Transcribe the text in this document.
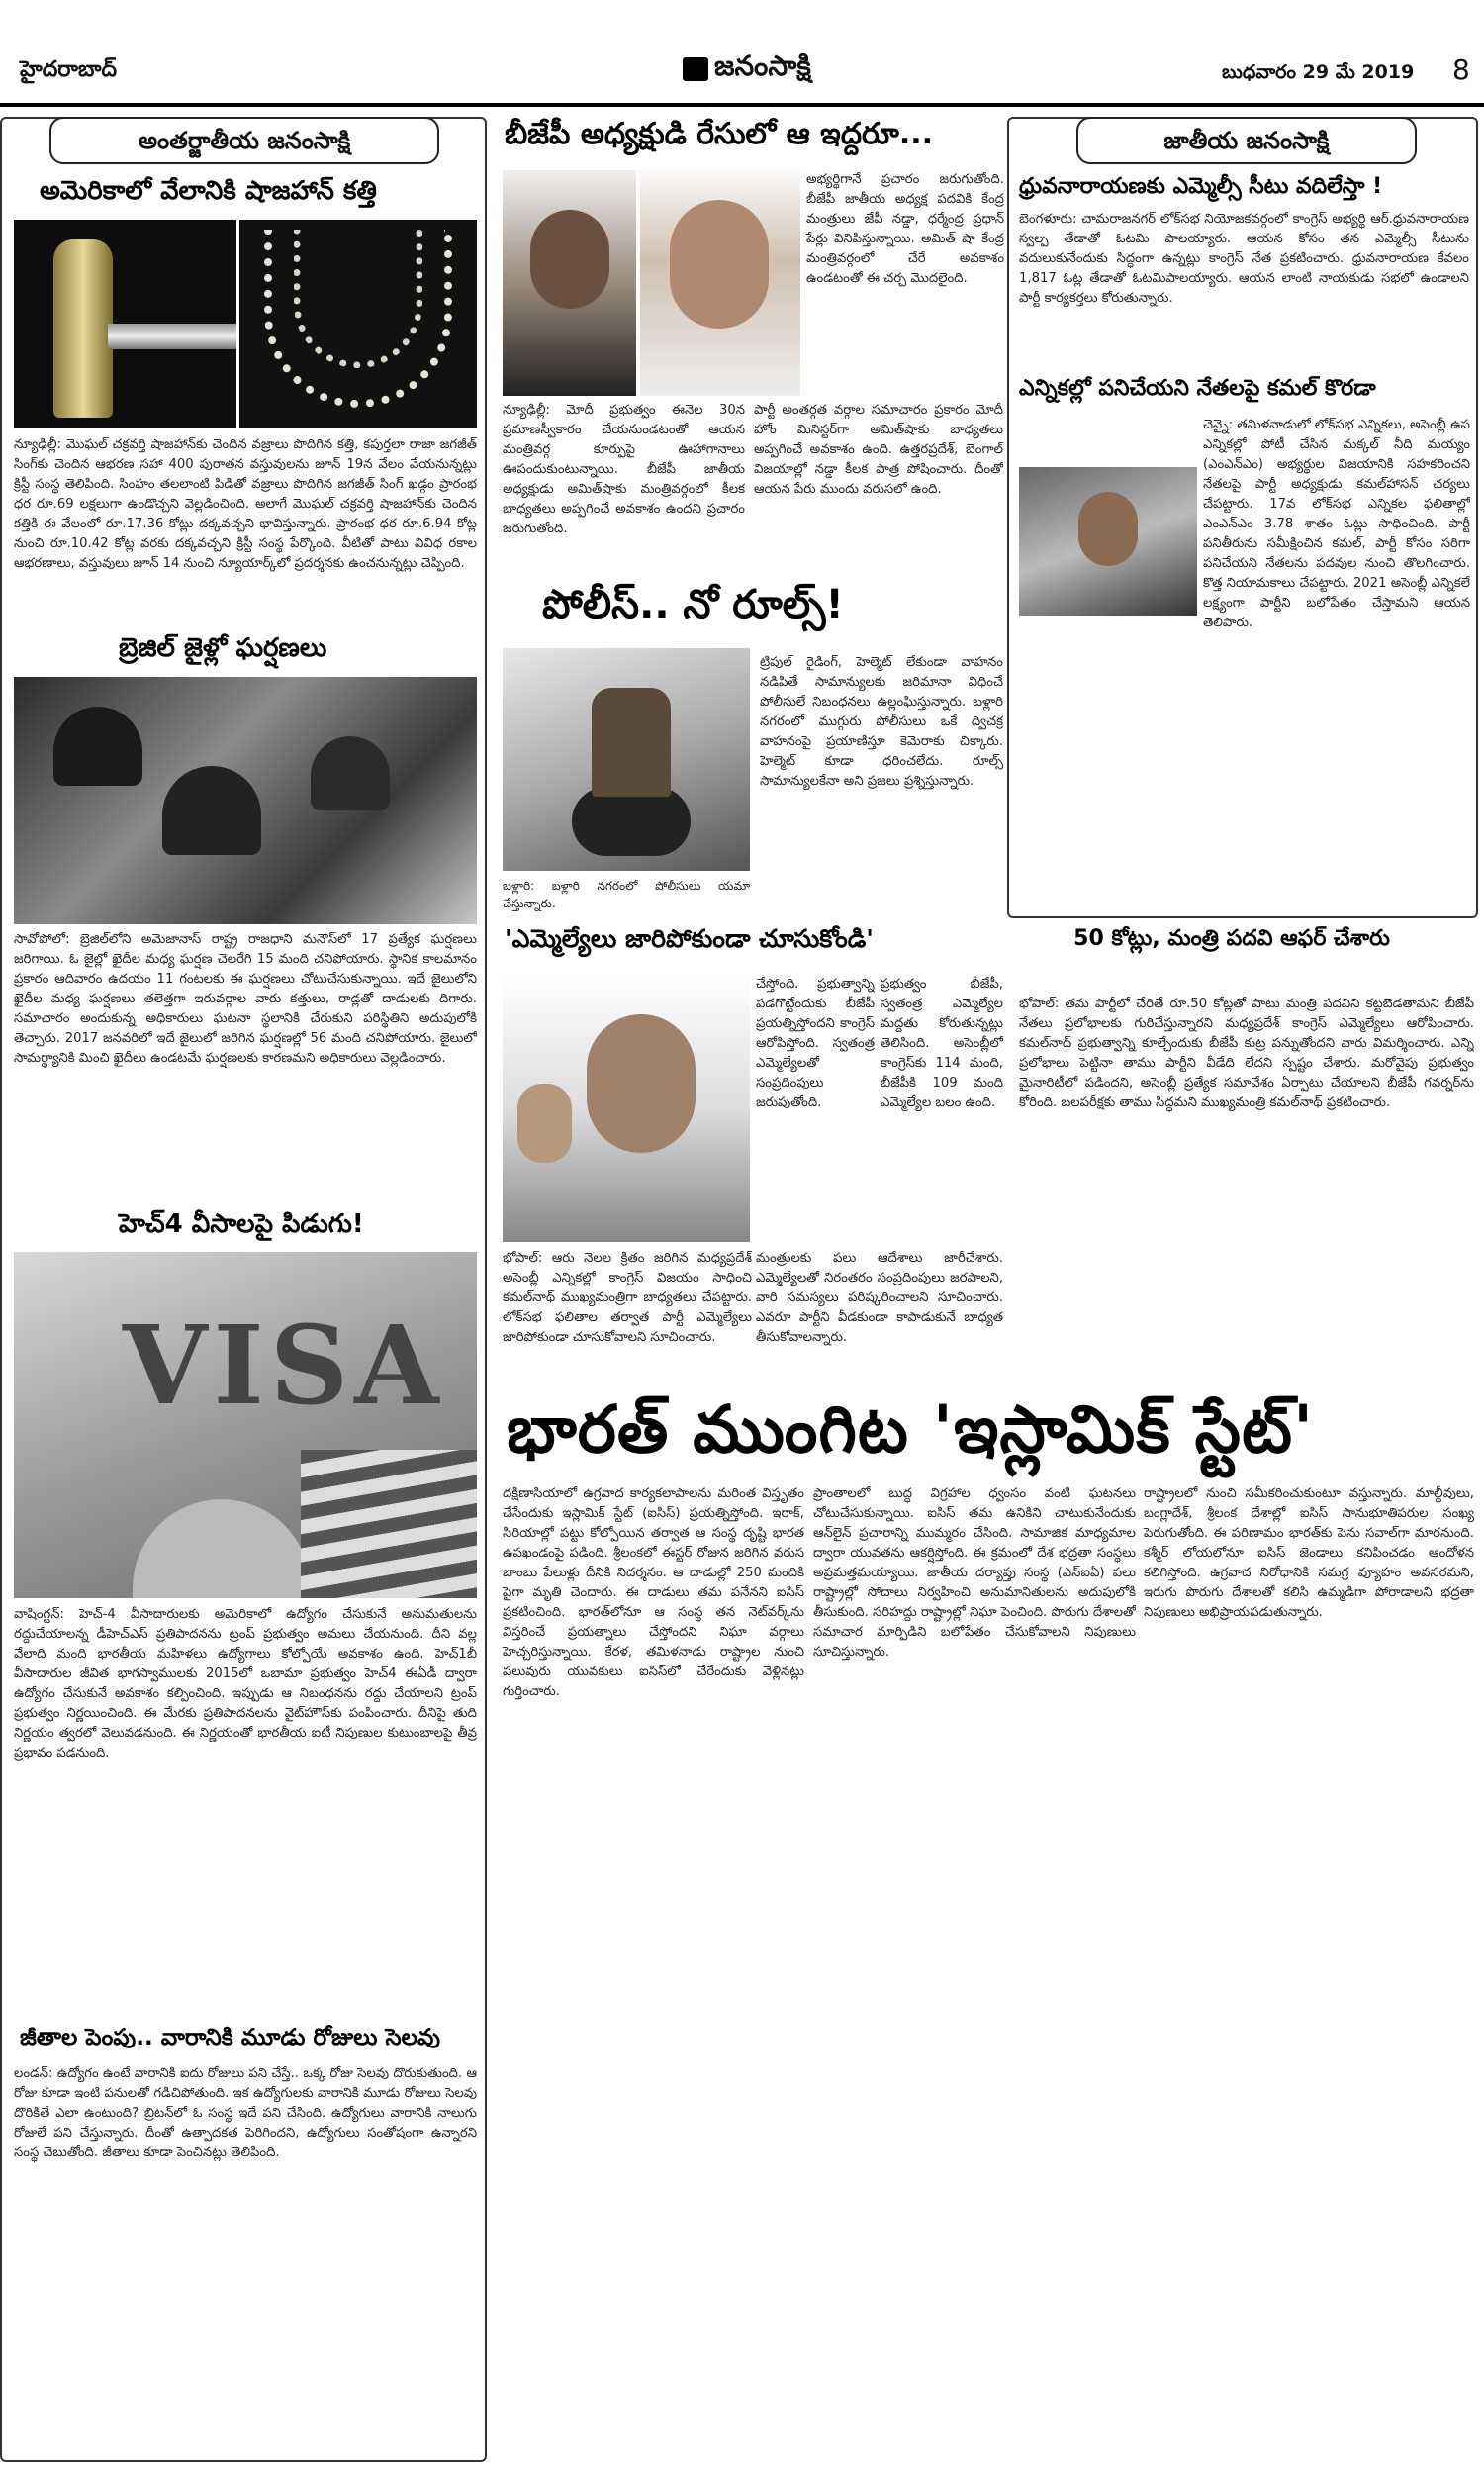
హైదరాబాద్	జనంసాక్షి	బుధవారం 29 మే 2019 8
అంతర్జాతీయ జనంసాక్షి
అమెరికాలో వేలానికి షాజహాన్‌ కత్తి
న్యూఢిల్లీ: మొఘల్‌ చక్రవర్తి షాజహాన్‌కు చెందిన వజ్రాలు పొదిగిన కత్తి, కపుర్తలా రాజా జగజీత్‌ సింగ్‌కు చెందిన ఆభరణ సహా 400 పురాతన వస్తువులను జూన్‌ 19న వేలం వేయనున్నట్లు క్రిస్టీ సంస్థ తెలిపింది. సింహం తలలాంటి పిడితో వజ్రాలు పొదిగిన జగజీత్‌ సింగ్‌ ఖడ్గం ప్రారంభ ధర రూ.69 లక్షలుగా ఉండొచ్చని వెల్లడించింది. అలాగే మొఘల్‌ చక్రవర్తి షాజహాన్‌కు చెందిన కత్తికి ఈ వేలంలో రూ.17.36 కోట్లు దక్కవచ్చని భావిస్తున్నారు. ప్రారంభ ధర రూ.6.94 కోట్ల నుంచి రూ.10.42 కోట్ల వరకు దక్కవచ్చని క్రిస్టీ సంస్థ పేర్కొంది. వీటితో పాటు వివిధ రకాల ఆభరణాలు, వస్తువులు జూన్‌ 14 నుంచి న్యూయార్క్‌లో ప్రదర్శనకు ఉంచనున్నట్లు చెప్పింది.
బ్రెజిల్‌ జైళ్లో ఘర్షణలు
సావోపోలో: బ్రెజిల్‌లోని అమెజానాస్‌ రాష్ట్ర రాజధాని మనౌస్‌లో 17 ప్రత్యేక ఘర్షణలు జరిగాయి. ఓ జైల్లో ఖైదీల మధ్య ఘర్షణ చెలరేగి 15 మంది చనిపోయారు. స్థానిక కాలమానం ప్రకారం ఆదివారం ఉదయం 11 గంటలకు ఈ ఘర్షణలు చోటుచేసుకున్నాయి. ఇదే జైలులోని ఖైదీల మధ్య ఘర్షణలు తలెత్తగా ఇరువర్గాల వారు కత్తులు, రాడ్లతో దాడులకు దిగారు. సమాచారం అందుకున్న అధికారులు ఘటనా స్థలానికి చేరుకుని పరిస్థితిని అదుపులోకి తెచ్చారు. 2017 జనవరిలో ఇదే జైలులో జరిగిన ఘర్షణల్లో 56 మంది చనిపోయారు. జైలులో సామర్థ్యానికి మించి ఖైదీలు ఉండటమే ఘర్షణలకు కారణమని అధికారులు వెల్లడించారు.
హెచ్‌4 వీసాలపై పిడుగు!
VISA
వాషింగ్టన్‌: హెచ్‌-4 వీసాదారులకు అమెరికాలో ఉద్యోగం చేసుకునే అనుమతులను రద్దుచేయాలన్న డీహెచ్‌ఎస్‌ ప్రతిపాదనను ట్రంప్‌ ప్రభుత్వం అమలు చేయనుంది. దీని వల్ల వేలాది మంది భారతీయ మహిళలు ఉద్యోగాలు కోల్పోయే అవకాశం ఉంది. హెచ్‌1బీ వీసాదారుల జీవిత భాగస్వాములకు 2015లో ఒబామా ప్రభుత్వం హెచ్‌4 ఈఏడీ ద్వారా ఉద్యోగం చేసుకునే అవకాశం కల్పించింది. ఇప్పుడు ఆ నిబంధనను రద్దు చేయాలని ట్రంప్‌ ప్రభుత్వం నిర్ణయించింది. ఈ మేరకు ప్రతిపాదనలను వైట్‌హౌస్‌కు పంపించారు. దీనిపై తుది నిర్ణయం త్వరలో వెలువడనుంది. ఈ నిర్ణయంతో భారతీయ ఐటీ నిపుణుల కుటుంబాలపై తీవ్ర ప్రభావం పడనుంది.
జీతాల పెంపు.. వారానికి మూడు రోజులు సెలవు
లండన్‌: ఉద్యోగం ఉంటే వారానికి ఐదు రోజులు పని చేస్తే.. ఒక్క రోజు సెలవు దొరుకుతుంది. ఆ రోజు కూడా ఇంటి పనులతో గడిచిపోతుంది. ఇక ఉద్యోగులకు వారానికి మూడు రోజులు సెలవు దొరికితే ఎలా ఉంటుంది? బ్రిటన్‌లో ఓ సంస్థ ఇదే పని చేసింది. ఉద్యోగులు వారానికి నాలుగు రోజులే పని చేస్తున్నారు. దీంతో ఉత్పాదకత పెరిగిందని, ఉద్యోగులు సంతోషంగా ఉన్నారని సంస్థ చెబుతోంది. జీతాలు కూడా పెంచినట్లు తెలిపింది.
బీజేపీ అధ్యక్షుడి రేసులో ఆ ఇద్దరూ...
అభ్యర్థిగానే ప్రచారం జరుగుతోంది. బీజేపీ జాతీయ అధ్యక్ష పదవికి కేంద్ర మంత్రులు జేపీ నడ్డా, ధర్మేంద్ర ప్రధాన్‌ పేర్లు వినిపిస్తున్నాయి. అమిత్‌ షా కేంద్ర మంత్రివర్గంలో చేరే అవకాశం ఉండటంతో ఈ చర్చ మొదలైంది.
న్యూఢిల్లీ: మోదీ ప్రభుత్వం ఈనెల 30న ప్రమాణస్వీకారం చేయనుండటంతో ఆయన మంత్రివర్గ కూర్పుపై ఊహాగానాలు ఊపందుకుంటున్నాయి. బీజేపీ జాతీయ అధ్యక్షుడు అమిత్‌షాకు మంత్రివర్గంలో కీలక బాధ్యతలు అప్పగించే అవకాశం ఉందని ప్రచారం జరుగుతోంది.
పార్టీ అంతర్గత వర్గాల సమాచారం ప్రకారం మోదీ హోం మినిస్టర్‌గా అమిత్‌షాకు బాధ్యతలు అప్పగించే అవకాశం ఉంది. ఉత్తరప్రదేశ్‌, బెంగాల్‌ విజయాల్లో నడ్డా కీలక పాత్ర పోషించారు. దీంతో ఆయన పేరు ముందు వరుసలో ఉంది.
పోలీస్‌.. నో రూల్స్‌!
బళ్లారి: బళ్లారి నగరంలో పోలీసులు యమా చేస్తున్నారు.
ట్రిపుల్‌ రైడింగ్‌, హెల్మెట్‌ లేకుండా వాహనం నడిపితే సామాన్యులకు జరిమానా విధించే పోలీసులే నిబంధనలు ఉల్లంఘిస్తున్నారు. బళ్లారి నగరంలో ముగ్గురు పోలీసులు ఒకే ద్విచక్ర వాహనంపై ప్రయాణిస్తూ కెమెరాకు చిక్కారు. హెల్మెట్‌ కూడా ధరించలేదు. రూల్స్‌ సామాన్యులకేనా అని ప్రజలు ప్రశ్నిస్తున్నారు.
'ఎమ్మెల్యేలు జారిపోకుండా చూసుకోండి'
చేస్తోంది. ప్రభుత్వాన్ని పడగొట్టేందుకు బీజేపీ ప్రయత్నిస్తోందని కాంగ్రెస్‌ ఆరోపిస్తోంది. స్వతంత్ర ఎమ్మెల్యేలతో సంప్రదింపులు జరుపుతోంది.
ప్రభుత్వం బీజేపీ, స్వతంత్ర ఎమ్మెల్యేల మద్దతు కోరుతున్నట్లు తెలిసింది. అసెంబ్లీలో కాంగ్రెస్‌కు 114 మంది, బీజేపీకి 109 మంది ఎమ్మెల్యేల బలం ఉంది.
భోపాల్‌: ఆరు నెలల క్రితం జరిగిన మధ్యప్రదేశ్‌ అసెంబ్లీ ఎన్నికల్లో కాంగ్రెస్‌ విజయం సాధించి కమల్‌నాథ్‌ ముఖ్యమంత్రిగా బాధ్యతలు చేపట్టారు. లోక్‌సభ ఫలితాల తర్వాత పార్టీ ఎమ్మెల్యేలు జారిపోకుండా చూసుకోవాలని సూచించారు.
మంత్రులకు పలు ఆదేశాలు జారీచేశారు. ఎమ్మెల్యేలతో నిరంతరం సంప్రదింపులు జరపాలని, వారి సమస్యలు పరిష్కరించాలని సూచించారు. ఎవరూ పార్టీని వీడకుండా కాపాడుకునే బాధ్యత తీసుకోవాలన్నారు.
జాతీయ జనంసాక్షి
ధ్రువనారాయణకు ఎమ్మెల్సీ సీటు వదిలేస్తా !
బెంగళూరు: చామరాజనగర్‌ లోక్‌సభ నియోజకవర్గంలో కాంగ్రెస్‌ అభ్యర్థి ఆర్‌.ధ్రువనారాయణ స్వల్ప తేడాతో ఓటమి పాలయ్యారు. ఆయన కోసం తన ఎమ్మెల్సీ సీటును వదులుకునేందుకు సిద్ధంగా ఉన్నట్లు కాంగ్రెస్‌ నేత ప్రకటించారు. ధ్రువనారాయణ కేవలం 1,817 ఓట్ల తేడాతో ఓటమిపాలయ్యారు. ఆయన లాంటి నాయకుడు సభలో ఉండాలని పార్టీ కార్యకర్తలు కోరుతున్నారు.
ఎన్నికల్లో పనిచేయని నేతలపై కమల్‌ కొరడా
చెన్నై: తమిళనాడులో లోక్‌సభ ఎన్నికలు, అసెంబ్లీ ఉప ఎన్నికల్లో పోటీ చేసిన మక్కల్‌ నీది మయ్యం (ఎంఎన్‌ఎం) అభ్యర్థుల విజయానికి సహకరించని నేతలపై పార్టీ అధ్యక్షుడు కమల్‌హాసన్‌ చర్యలు చేపట్టారు. 17వ లోక్‌సభ ఎన్నికల ఫలితాల్లో ఎంఎన్‌ఎం 3.78 శాతం ఓట్లు సాధించింది. పార్టీ పనితీరును సమీక్షించిన కమల్‌, పార్టీ కోసం సరిగా పనిచేయని నేతలను పదవుల నుంచి తొలగించారు. కొత్త నియామకాలు చేపట్టారు. 2021 అసెంబ్లీ ఎన్నికలే లక్ష్యంగా పార్టీని బలోపేతం చేస్తామని ఆయన తెలిపారు.
50 కోట్లు, మంత్రి పదవి ఆఫర్‌ చేశారు
భోపాల్‌: తమ పార్టీలో చేరితే రూ.50 కోట్లతో పాటు మంత్రి పదవిని కట్టబెడతామని బీజేపీ నేతలు ప్రలోభాలకు గురిచేస్తున్నారని మధ్యప్రదేశ్‌ కాంగ్రెస్‌ ఎమ్మెల్యేలు ఆరోపించారు. కమల్‌నాథ్‌ ప్రభుత్వాన్ని కూల్చేందుకు బీజేపీ కుట్ర పన్నుతోందని వారు విమర్శించారు. ఎన్ని ప్రలోభాలు పెట్టినా తాము పార్టీని వీడేది లేదని స్పష్టం చేశారు. మరోవైపు ప్రభుత్వం మైనారిటీలో పడిందని, అసెంబ్లీ ప్రత్యేక సమావేశం ఏర్పాటు చేయాలని బీజేపీ గవర్నర్‌ను కోరింది. బలపరీక్షకు తాము సిద్ధమని ముఖ్యమంత్రి కమల్‌నాథ్‌ ప్రకటించారు.
భారత్‌ ముంగిట 'ఇస్లామిక్‌ స్టేట్‌'
దక్షిణాసియాలో ఉగ్రవాద కార్యకలాపాలను మరింత విస్తృతం చేసేందుకు ఇస్లామిక్‌ స్టేట్‌ (ఐసిస్‌) ప్రయత్నిస్తోంది. ఇరాక్‌, సిరియాల్లో పట్టు కోల్పోయిన తర్వాత ఆ సంస్థ దృష్టి భారత ఉపఖండంపై పడింది. శ్రీలంకలో ఈస్టర్‌ రోజున జరిగిన వరుస బాంబు పేలుళ్లు దీనికి నిదర్శనం. ఆ దాడుల్లో 250 మందికి పైగా మృతి చెందారు. ఈ దాడులు తమ పనేనని ఐసిస్‌ ప్రకటించింది. భారత్‌లోనూ ఆ సంస్థ తన నెట్‌వర్క్‌ను విస్తరించే ప్రయత్నాలు చేస్తోందని నిఘా వర్గాలు హెచ్చరిస్తున్నాయి. కేరళ, తమిళనాడు రాష్ట్రాల నుంచి పలువురు యువకులు ఐసిస్‌లో చేరేందుకు వెళ్లినట్లు గుర్తించారు.
ప్రాంతాలలో బుద్ధ విగ్రహాల ధ్వంసం వంటి ఘటనలు చోటుచేసుకున్నాయి. ఐసిస్‌ తమ ఉనికిని చాటుకునేందుకు ఆన్‌లైన్‌ ప్రచారాన్ని ముమ్మరం చేసింది. సామాజిక మాధ్యమాల ద్వారా యువతను ఆకర్షిస్తోంది. ఈ క్రమంలో దేశ భద్రతా సంస్థలు అప్రమత్తమయ్యాయి. జాతీయ దర్యాప్తు సంస్థ (ఎన్‌ఐఏ) పలు రాష్ట్రాల్లో సోదాలు నిర్వహించి అనుమానితులను అదుపులోకి తీసుకుంది. సరిహద్దు రాష్ట్రాల్లో నిఘా పెంచింది. పొరుగు దేశాలతో సమాచార మార్పిడిని బలోపేతం చేసుకోవాలని నిపుణులు సూచిస్తున్నారు.
రాష్ట్రాలలో నుంచి సమీకరించుకుంటూ వస్తున్నారు. మాల్దీవులు, బంగ్లాదేశ్‌, శ్రీలంక దేశాల్లో ఐసిస్‌ సానుభూతిపరుల సంఖ్య పెరుగుతోంది. ఈ పరిణామం భారత్‌కు పెను సవాల్‌గా మారనుంది. కశ్మీర్‌ లోయలోనూ ఐసిస్‌ జెండాలు కనిపించడం ఆందోళన కలిగిస్తోంది. ఉగ్రవాద నిరోధానికి సమగ్ర వ్యూహం అవసరమని, ఇరుగు పొరుగు దేశాలతో కలిసి ఉమ్మడిగా పోరాడాలని భద్రతా నిపుణులు అభిప్రాయపడుతున్నారు.
